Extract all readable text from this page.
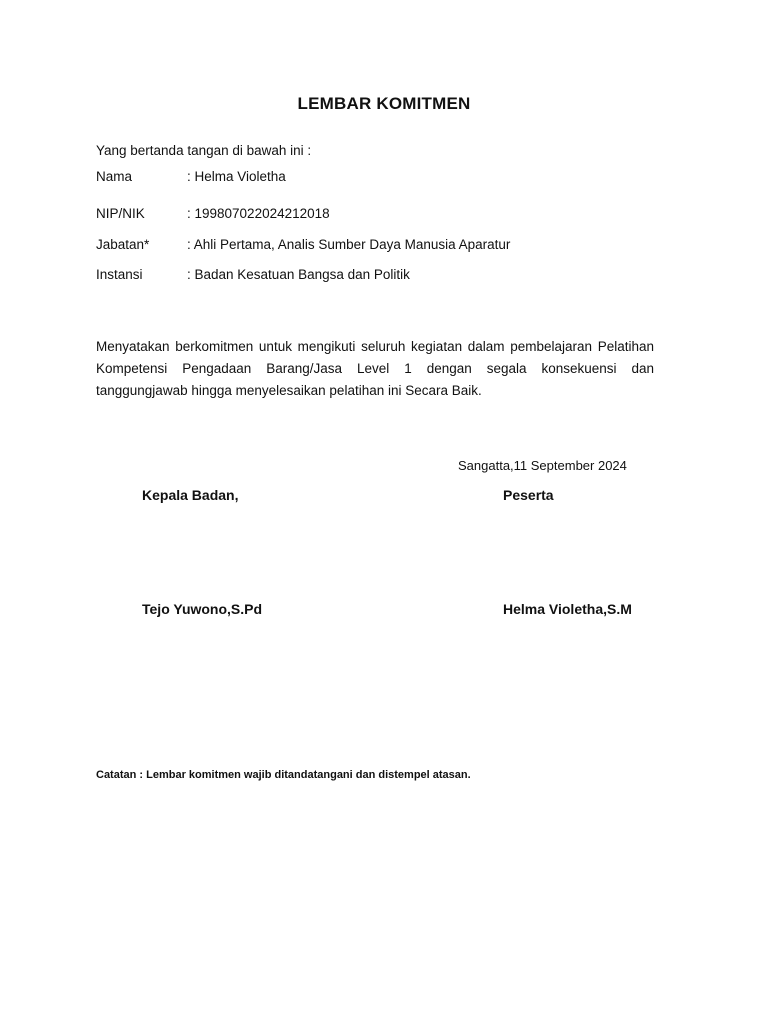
LEMBAR KOMITMEN
Yang bertanda tangan di bawah ini :
Nama	: Helma Violetha
NIP/NIK	: 199807022024212018
Jabatan*	: Ahli Pertama, Analis Sumber Daya Manusia Aparatur
Instansi	: Badan Kesatuan Bangsa dan Politik
Menyatakan berkomitmen untuk mengikuti seluruh kegiatan dalam pembelajaran Pelatihan Kompetensi Pengadaan Barang/Jasa Level 1 dengan segala konsekuensi dan tanggungjawab hingga menyelesaikan pelatihan ini Secara Baik.
Sangatta,11 September 2024
Kepala Badan,	Peserta
Tejo Yuwono,S.Pd	Helma Violetha,S.M
Catatan : Lembar komitmen wajib ditandatangani dan distempel atasan.
